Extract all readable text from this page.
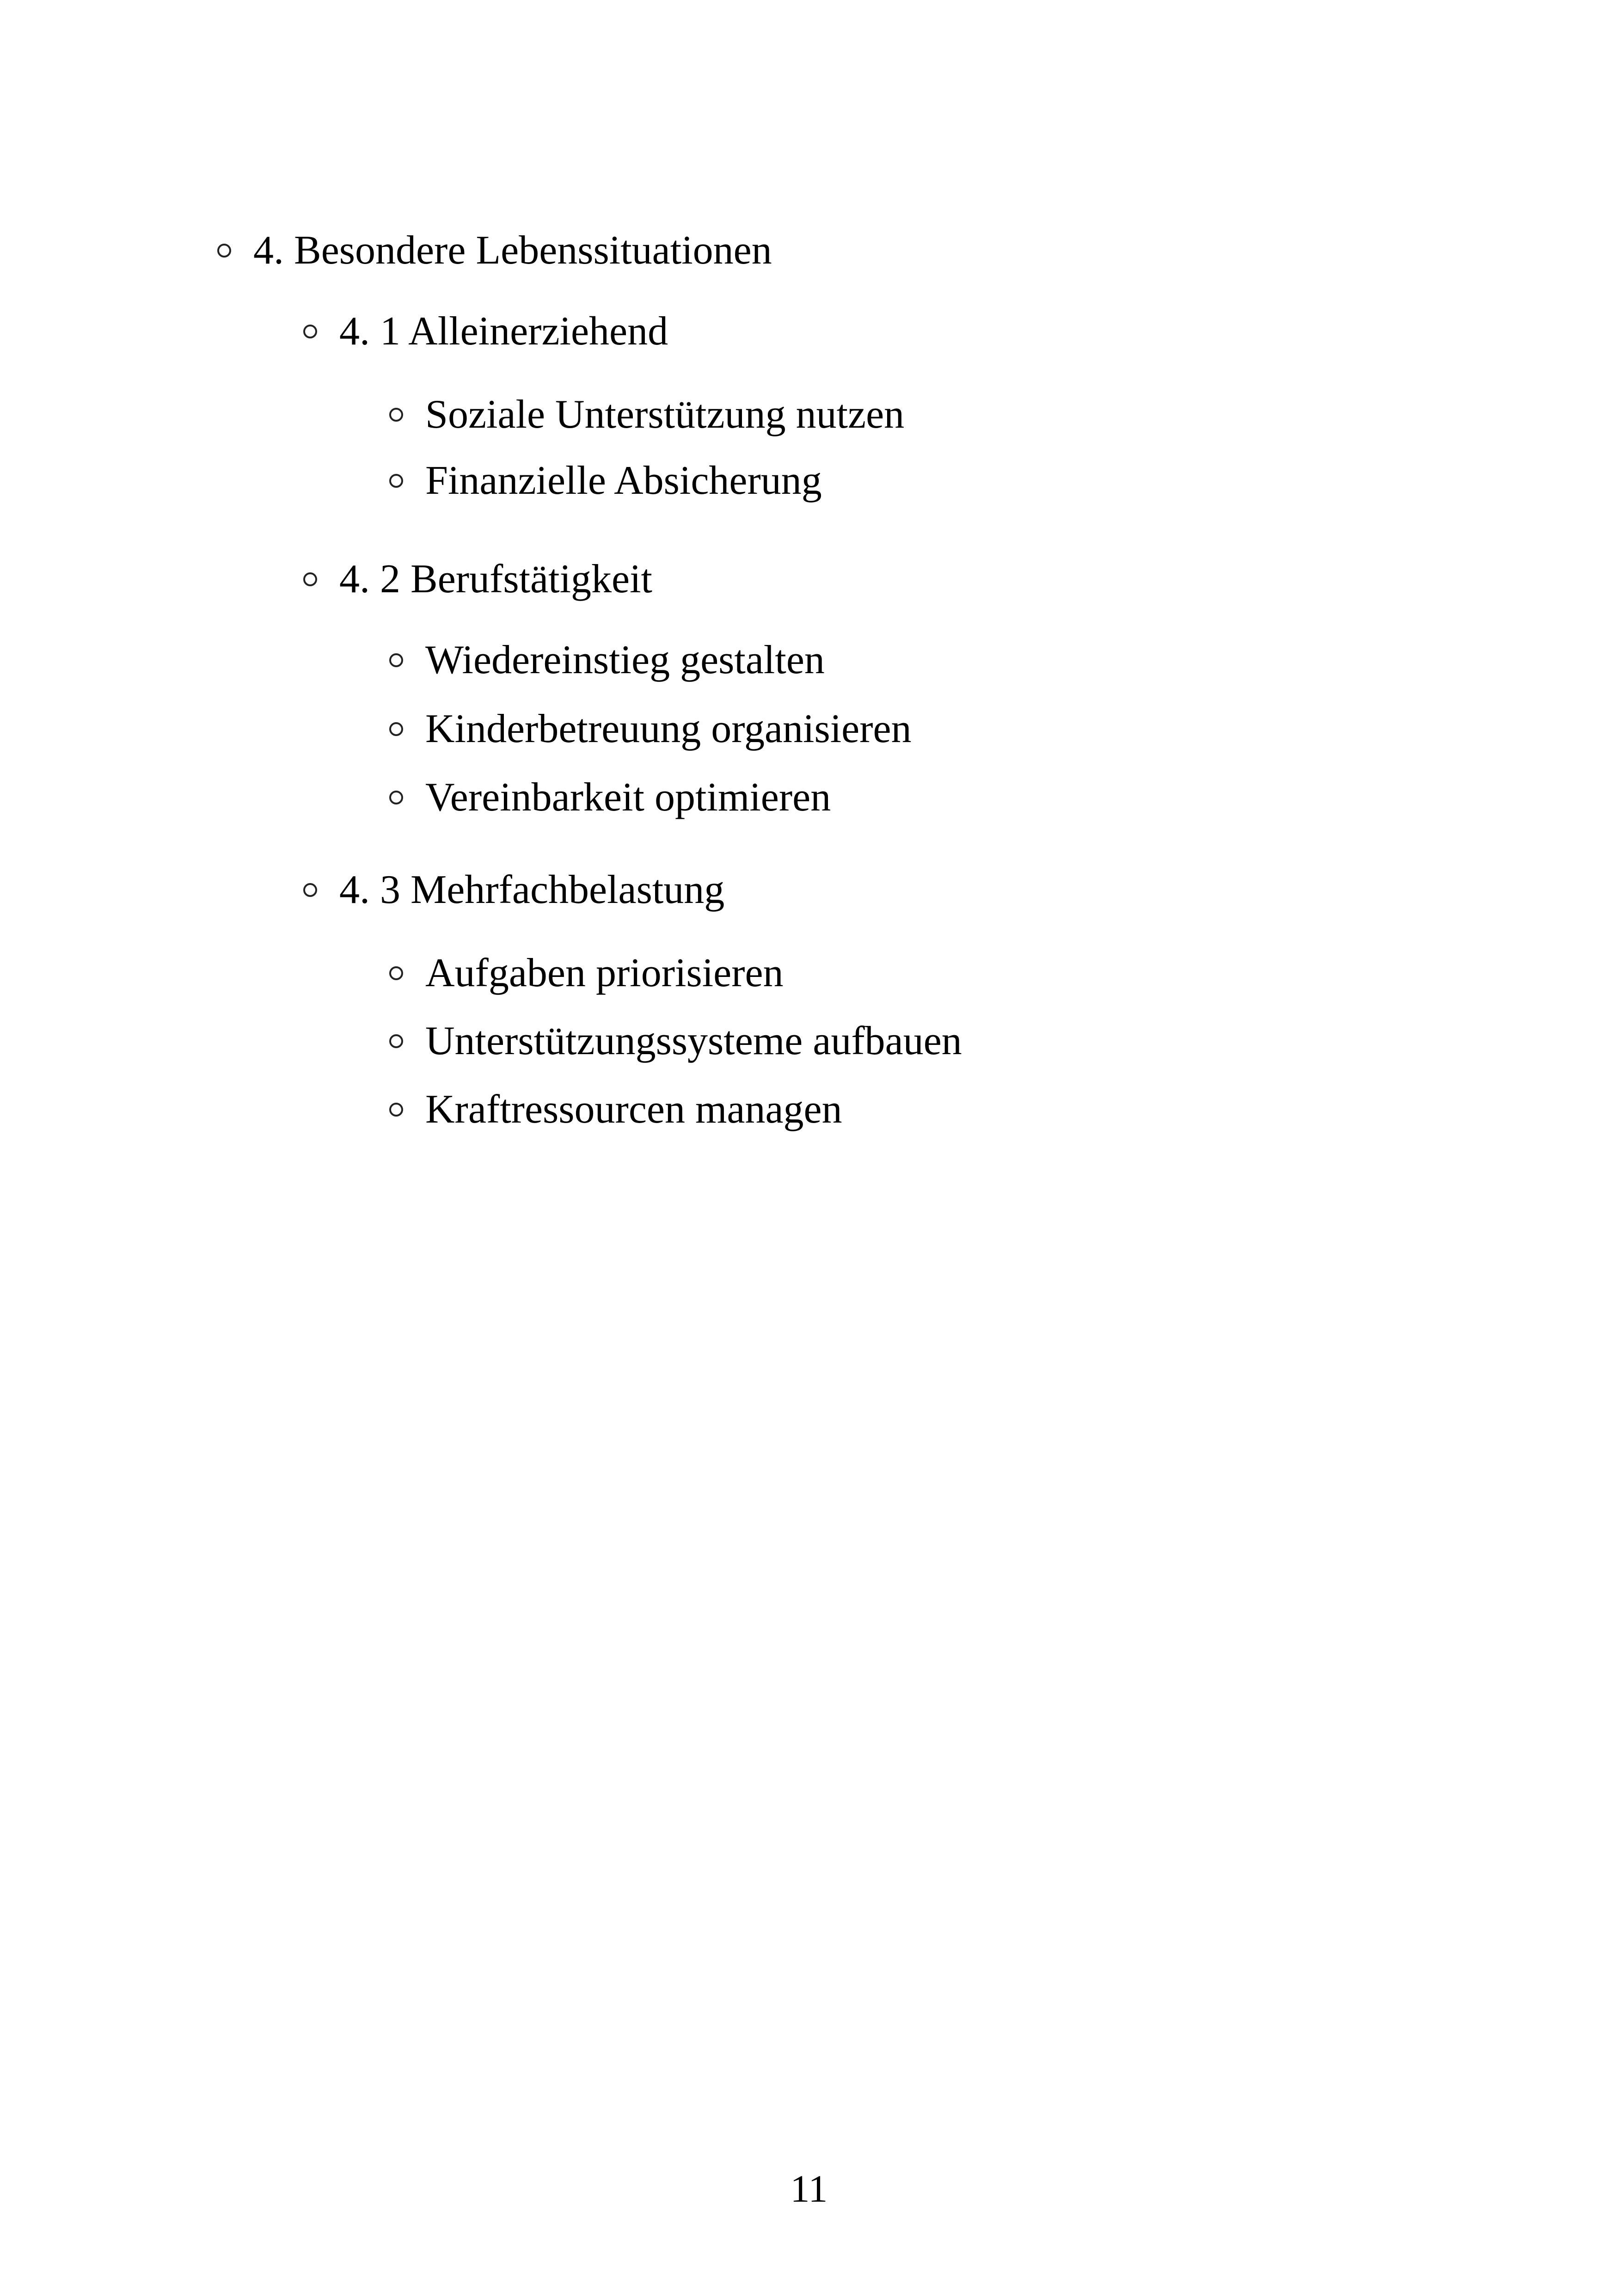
4. Besondere Lebenssituationen
4. 1 Alleinerziehend
Soziale Unterstützung nutzen
Finanzielle Absicherung
4. 2 Berufstätigkeit
Wiedereinstieg gestalten
Kinderbetreuung organisieren
Vereinbarkeit optimieren
4. 3 Mehrfachbelastung
Aufgaben priorisieren
Unterstützungssysteme aufbauen
Kraftressourcen managen
11
